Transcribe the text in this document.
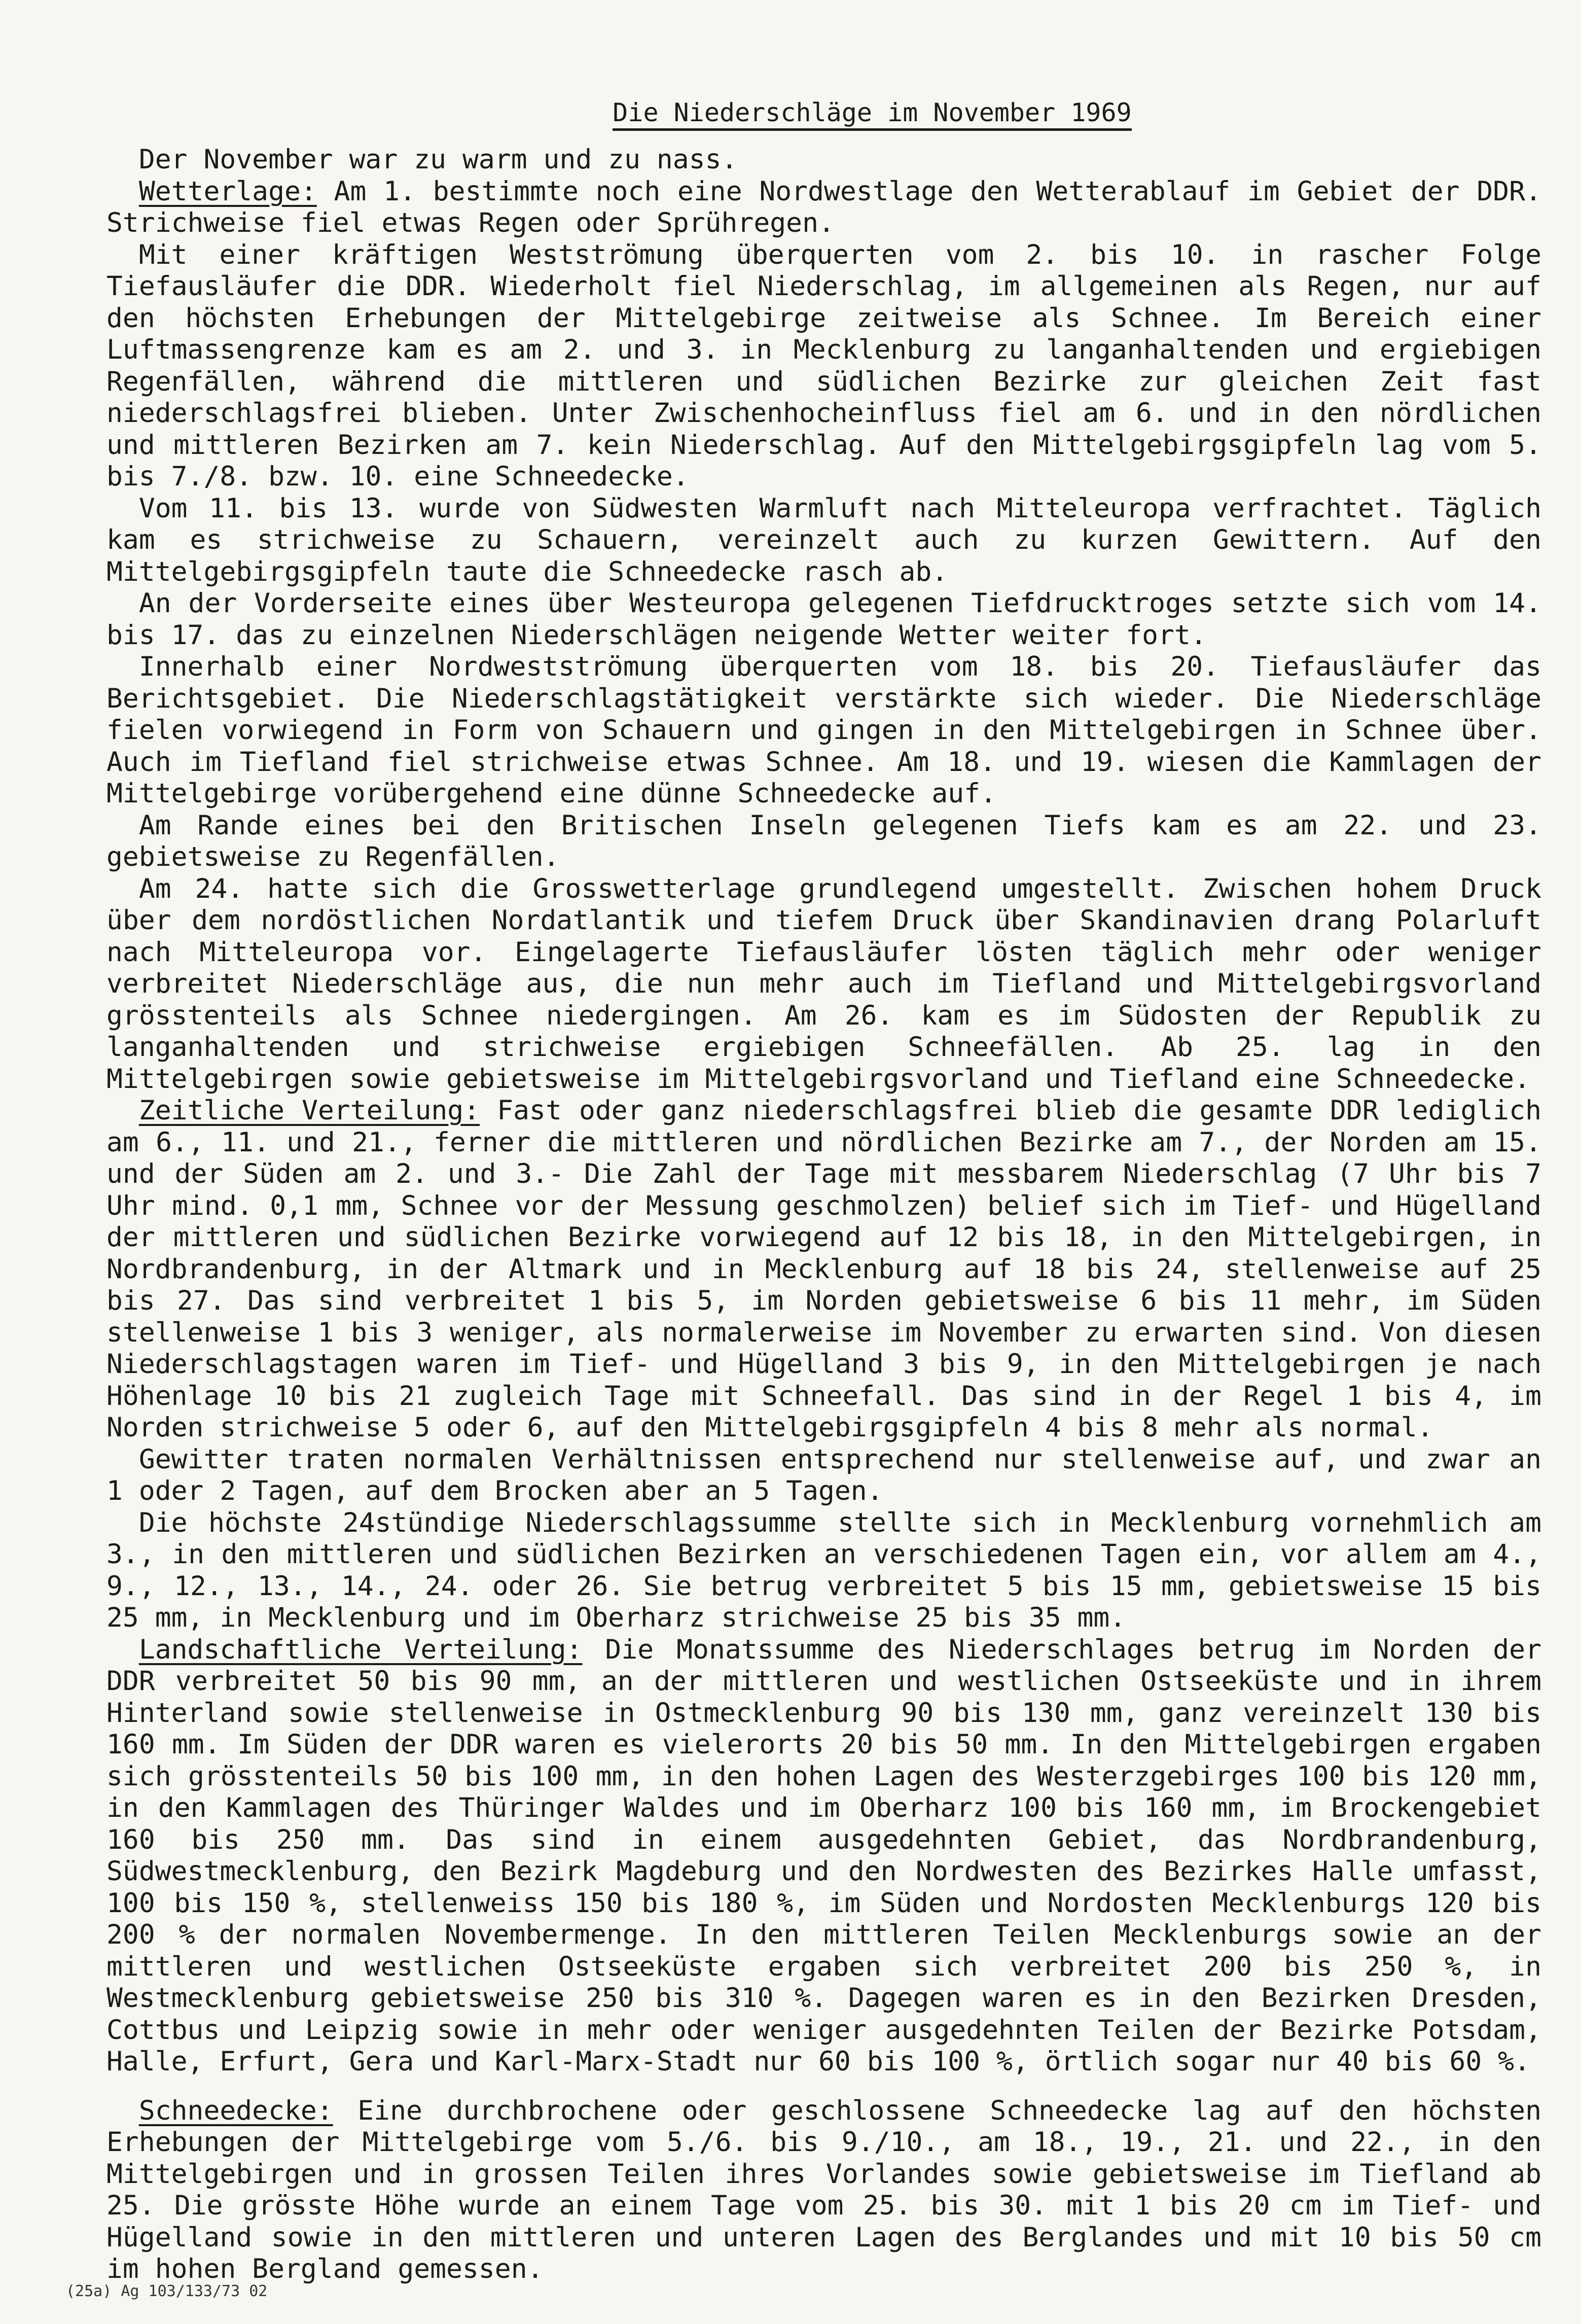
Die Niederschläge im November 1969

Der November war zu warm und zu nass.

Wetterlage: Am 1. bestimmte noch eine Nordwestlage den Wetterablauf im Gebiet der DDR. Strichweise fiel etwas Regen oder Sprühregen.

Mit einer kräftigen Westströmung überquerten vom 2. bis 10. in rascher Folge Tiefausläufer die DDR. Wiederholt fiel Niederschlag, im allgemeinen als Regen, nur auf den höchsten Erhebungen der Mittelgebirge zeitweise als Schnee. Im Bereich einer Luftmassengrenze kam es am 2. und 3. in Mecklenburg zu langanhaltenden und ergiebigen Regenfällen, während die mittleren und südlichen Bezirke zur gleichen Zeit fast niederschlagsfrei blieben. Unter Zwischenhocheinfluss fiel am 6. und in den nördlichen und mittleren Bezirken am 7. kein Niederschlag. Auf den Mittelgebirgsgipfeln lag vom 5. bis 7./8. bzw. 10. eine Schneedecke.

Vom 11. bis 13. wurde von Südwesten Warmluft nach Mitteleuropa verfrachtet. Täglich kam es strichweise zu Schauern, vereinzelt auch zu kurzen Gewittern. Auf den Mittelgebirgsgipfeln taute die Schneedecke rasch ab.

An der Vorderseite eines über Westeuropa gelegenen Tiefdrucktroges setzte sich vom 14. bis 17. das zu einzelnen Niederschlägen neigende Wetter weiter fort.

Innerhalb einer Nordwestströmung überquerten vom 18. bis 20. Tiefausläufer das Berichtsgebiet. Die Niederschlagstätigkeit verstärkte sich wieder. Die Niederschläge fielen vorwiegend in Form von Schauern und gingen in den Mittelgebirgen in Schnee über. Auch im Tiefland fiel strichweise etwas Schnee. Am 18. und 19. wiesen die Kammlagen der Mittelgebirge vorübergehend eine dünne Schneedecke auf.

Am Rande eines bei den Britischen Inseln gelegenen Tiefs kam es am 22. und 23. gebietsweise zu Regenfällen.

Am 24. hatte sich die Grosswetterlage grundlegend umgestellt. Zwischen hohem Druck über dem nordöstlichen Nordatlantik und tiefem Druck über Skandinavien drang Polarluft nach Mitteleuropa vor. Eingelagerte Tiefausläufer lösten täglich mehr oder weniger verbreitet Niederschläge aus, die nun mehr auch im Tiefland und Mittelgebirgsvorland grösstenteils als Schnee niedergingen. Am 26. kam es im Südosten der Republik zu langanhaltenden und strichweise ergiebigen Schneefällen. Ab 25. lag in den Mittelgebirgen sowie gebietsweise im Mittelgebirgsvorland und Tiefland eine Schneedecke.

Zeitliche Verteilung: Fast oder ganz niederschlagsfrei blieb die gesamte DDR lediglich am 6., 11. und 21., ferner die mittleren und nördlichen Bezirke am 7., der Norden am 15. und der Süden am 2. und 3.- Die Zahl der Tage mit messbarem Niederschlag (7 Uhr bis 7 Uhr mind. 0,1 mm, Schnee vor der Messung geschmolzen) belief sich im Tief- und Hügelland der mittleren und südlichen Bezirke vorwiegend auf 12 bis 18, in den Mittelgebirgen, in Nordbrandenburg, in der Altmark und in Mecklenburg auf 18 bis 24, stellenweise auf 25 bis 27. Das sind verbreitet 1 bis 5, im Norden gebietsweise 6 bis 11 mehr, im Süden stellenweise 1 bis 3 weniger, als normalerweise im November zu erwarten sind. Von diesen Niederschlagstagen waren im Tief- und Hügelland 3 bis 9, in den Mittelgebirgen je nach Höhenlage 10 bis 21 zugleich Tage mit Schneefall. Das sind in der Regel 1 bis 4, im Norden strichweise 5 oder 6, auf den Mittelgebirgsgipfeln 4 bis 8 mehr als normal.

Gewitter traten normalen Verhältnissen entsprechend nur stellenweise auf, und zwar an 1 oder 2 Tagen, auf dem Brocken aber an 5 Tagen.

Die höchste 24stündige Niederschlagssumme stellte sich in Mecklenburg vornehmlich am 3., in den mittleren und südlichen Bezirken an verschiedenen Tagen ein, vor allem am 4., 9., 12., 13., 14., 24. oder 26. Sie betrug verbreitet 5 bis 15 mm, gebietsweise 15 bis 25 mm, in Mecklenburg und im Oberharz strichweise 25 bis 35 mm.

Landschaftliche Verteilung: Die Monatssumme des Niederschlages betrug im Norden der DDR verbreitet 50 bis 90 mm, an der mittleren und westlichen Ostseeküste und in ihrem Hinterland sowie stellenweise in Ostmecklenburg 90 bis 130 mm, ganz vereinzelt 130 bis 160 mm. Im Süden der DDR waren es vielerorts 20 bis 50 mm. In den Mittelgebirgen ergaben sich grösstenteils 50 bis 100 mm, in den hohen Lagen des Westerzgebirges 100 bis 120 mm, in den Kammlagen des Thüringer Waldes und im Oberharz 100 bis 160 mm, im Brockengebiet 160 bis 250 mm. Das sind in einem ausgedehnten Gebiet, das Nordbrandenburg, Südwestmecklenburg, den Bezirk Magdeburg und den Nordwesten des Bezirkes Halle umfasst, 100 bis 150 %, stellenweiss 150 bis 180 %, im Süden und Nordosten Mecklenburgs 120 bis 200 % der normalen Novembermenge. In den mittleren Teilen Mecklenburgs sowie an der mittleren und westlichen Ostseeküste ergaben sich verbreitet 200 bis 250 %, in Westmecklenburg gebietsweise 250 bis 310 %. Dagegen waren es in den Bezirken Dresden, Cottbus und Leipzig sowie in mehr oder weniger ausgedehnten Teilen der Bezirke Potsdam, Halle, Erfurt, Gera und Karl-Marx-Stadt nur 60 bis 100 %, örtlich sogar nur 40 bis 60 %.

Schneedecke: Eine durchbrochene oder geschlossene Schneedecke lag auf den höchsten Erhebungen der Mittelgebirge vom 5./6. bis 9./10., am 18., 19., 21. und 22., in den Mittelgebirgen und in grossen Teilen ihres Vorlandes sowie gebietsweise im Tiefland ab 25. Die grösste Höhe wurde an einem Tage vom 25. bis 30. mit 1 bis 20 cm im Tief- und Hügelland sowie in den mittleren und unteren Lagen des Berglandes und mit 10 bis 50 cm im hohen Bergland gemessen.

(25a) Ag 103/133/73 02
